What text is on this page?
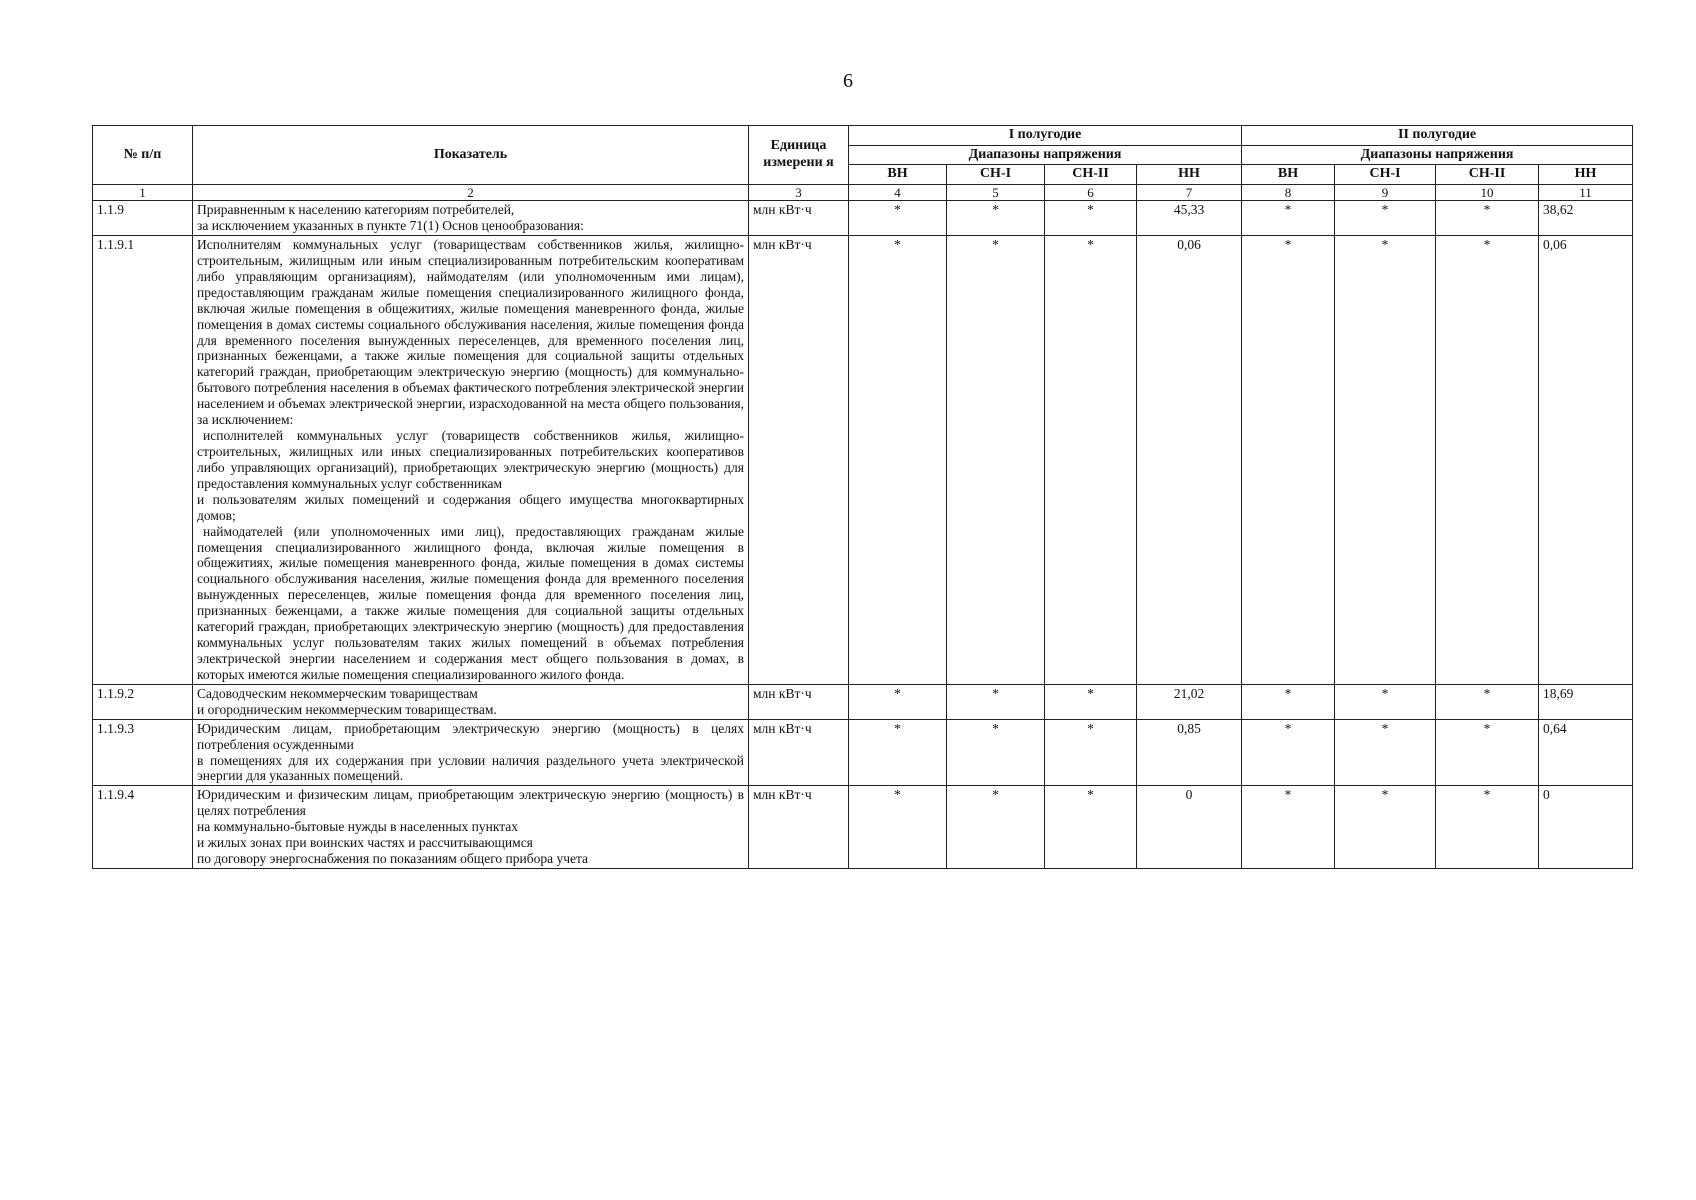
6
№ п/п	Показатель	Единица измерени я	I полугодие				II полугодие			
			Диапазоны напряжения				Диапазоны напряжения			
			ВН	СН-I	СН-II	НН	ВН	СН-I	СН-II	НН
1	2	3	4	5	6	7	8	9	10	11
1.1.9	Приравненным к населению категориям потребителей,
за исключением указанных в пункте 71(1) Основ ценообразования:	млн кВт·ч	*	*	*	45,33	*	*	*	38,62
1.1.9.1	Исполнителям коммунальных услуг (товариществам собственников жилья, жилищно-строительным, жилищным или иным специализированным потребительским кооперативам либо управляющим организациям), наймодателям (или уполномоченным ими лицам), предоставляющим гражданам жилые помещения специализированного жилищного фонда, включая жилые помещения в общежитиях, жилые помещения маневренного фонда, жилые помещения в домах системы социального обслуживания населения, жилые помещения фонда для временного поселения вынужденных переселенцев, для временного поселения лиц, признанных беженцами, а также жилые помещения для социальной защиты отдельных категорий граждан, приобретающим электрическую энергию (мощность) для коммунально-бытового потребления населения в объемах фактического потребления электрической энергии населением и объемах электрической энергии, израсходованной на места общего пользования, за исключением:
исполнителей коммунальных услуг (товариществ собственников жилья, жилищно-строительных, жилищных или иных специализированных потребительских кооперативов либо управляющих организаций), приобретающих электрическую энергию (мощность) для предоставления коммунальных услуг собственникам
и пользователям жилых помещений и содержания общего имущества многоквартирных домов;
наймодателей (или уполномоченных ими лиц), предоставляющих гражданам жилые помещения специализированного жилищного фонда, включая жилые помещения в общежитиях, жилые помещения маневренного фонда, жилые помещения в домах системы социального обслуживания населения, жилые помещения фонда для временного поселения вынужденных переселенцев, жилые помещения фонда для временного поселения лиц, признанных беженцами, а также жилые помещения для социальной защиты отдельных категорий граждан, приобретающих электрическую энергию (мощность) для предоставления коммунальных услуг пользователям таких жилых помещений в объемах потребления электрической энергии населением и содержания мест общего пользования в домах, в которых имеются жилые помещения специализированного жилого фонда.	млн кВт·ч	*	*	*	0,06	*	*	*	0,06
1.1.9.2	Садоводческим некоммерческим товариществам
и огородническим некоммерческим товариществам.	млн кВт·ч	*	*	*	21,02	*	*	*	18,69
1.1.9.3	Юридическим лицам, приобретающим электрическую энергию (мощность) в целях потребления осужденными
в помещениях для их содержания при условии наличия раздельного учета электрической энергии для указанных помещений.	млн кВт·ч	*	*	*	0,85	*	*	*	0,64
1.1.9.4	Юридическим и физическим лицам, приобретающим электрическую энергию (мощность) в целях потребления
на коммунально-бытовые нужды в населенных пунктах
и жилых зонах при воинских частях и рассчитывающимся
по договору энергоснабжения по показаниям общего прибора учета	млн кВт·ч	*	*	*	0	*	*	*	0
